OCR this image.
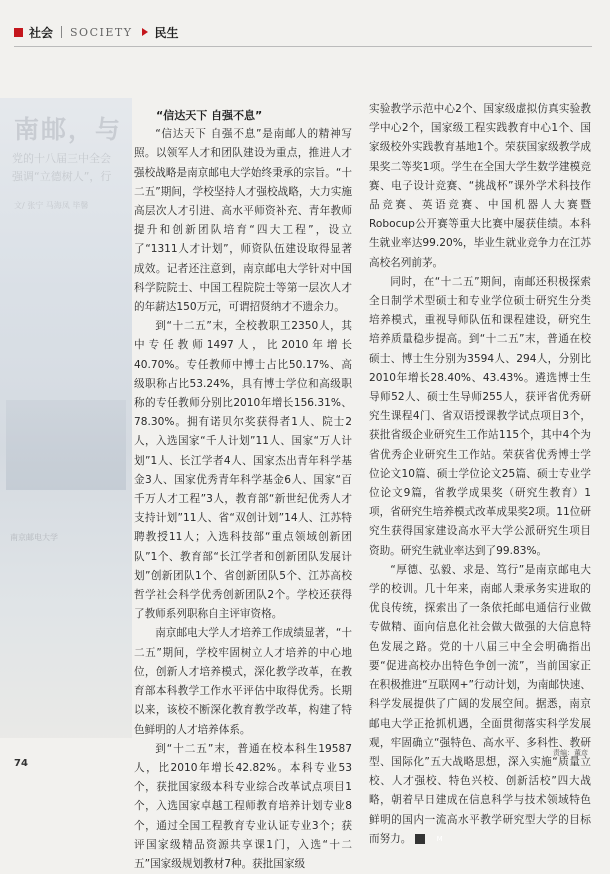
社会 SOCIETY 民生
南邮，与
党的十八届三中全会
强调“立德树人”，行
文/ 张宁 马海凤 毕馨
南京邮电大学
“信达天下 自强不息”

“信达天下 自强不息”是南邮人的精神写照。以领军人才和团队建设为重点，推进人才强校战略是南京邮电大学始终秉承的宗旨。“十二五”期间，学校坚持人才强校战略，大力实施高层次人才引进、高水平师资补充、青年教师提升和创新团队培育“四大工程”，设立了“1311人才计划”，师资队伍建设取得显著成效。记者还注意到，南京邮电大学针对中国科学院院士、中国工程院院士等第一层次人才的年薪达150万元，可谓招贤纳才不遗余力。

到“十二五”末，全校教职工2350人，其中专任教师1497人，比2010年增长40.70%。专任教师中博士占比50.17%、高级职称占比53.24%，具有博士学位和高级职称的专任教师分别比2010年增长156.31%、78.30%。拥有诺贝尔奖获得者1人、院士2人，入选国家“千人计划”11人、国家“万人计划”1人、长江学者4人、国家杰出青年科学基金3人、国家优秀青年科学基金6人、国家“百千万人才工程”3人，教育部“新世纪优秀人才支持计划”11人、省“双创计划”14人、江苏特聘教授11人；入选科技部“重点领域创新团队”1个、教育部“长江学者和创新团队发展计划”创新团队1个、省创新团队5个、江苏高校哲学社会科学优秀创新团队2个。学校还获得了教师系列职称自主评审资格。

南京邮电大学人才培养工作成绩显著，“十二五”期间，学校牢固树立人才培养的中心地位，创新人才培养模式，深化教学改革，在教育部本科教学工作水平评估中取得优秀。长期以来，该校不断深化教育教学改革，构建了特色鲜明的人才培养体系。

到“十二五”末，普通在校本科生19587人，比2010年增长42.82%。本科专业53个，获批国家级本科专业综合改革试点项目1个，入选国家卓越工程师教育培养计划专业8个，通过全国工程教育专业认证专业3个；获评国家级精品资源共享课1门，入选“十二五”国家级规划教材7种。获批国家级

实验教学示范中心2个、国家级虚拟仿真实验教学中心2个，国家级工程实践教育中心1个、国家级校外实践教育基地1个。荣获国家级教学成果奖二等奖1项。学生在全国大学生数学建模竞赛、电子设计竞赛、“挑战杯”课外学术科技作品竞赛、英语竞赛、中国机器人大赛暨Robocup公开赛等重大比赛中屡获佳绩。本科生就业率达99.20%，毕业生就业竞争力在江苏高校名列前茅。

同时，在“十二五”期间，南邮还积极探索全日制学术型硕士和专业学位硕士研究生分类培养模式，重视导师队伍和课程建设，研究生培养质量稳步提高。到“十二五”末，普通在校硕士、博士生分别为3594人、294人，分别比2010年增长28.40%、43.43%。遴选博士生导师52人、硕士生导师255人，获评省优秀研究生课程4门、省双语授课教学试点项目3个，获批省级企业研究生工作站115个，其中4个为省优秀企业研究生工作站。荣获省优秀博士学位论文10篇、硕士学位论文25篇、硕士专业学位论文9篇，省教学成果奖（研究生教育）1项，省研究生培养模式改革成果奖2项。11位研究生获得国家建设高水平大学公派研究生项目资助。研究生就业率达到了99.83%。

“厚德、弘毅、求是、笃行”是南京邮电大学的校训。几十年来，南邮人秉承务实进取的优良传统，探索出了一条依托邮电通信行业做专做精、面向信息化社会做大做强的大信息特色发展之路。党的十八届三中全会明确指出要“促进高校办出特色争创一流”，当前国家正在积极推进“互联网+”行动计划，为南邮快速、科学发展提供了广阔的发展空间。据悉，南京邮电大学正抢抓机遇，全面贯彻落实科学发展观，牢固确立“强特色、高水平、多科性、教研型、国际化”五大战略思想，深入实施“质量立校、人才强校、特色兴校、创新活校”四大战略，朝着早日建成在信息科学与技术领域特色鲜明的国内一流高水平教学研究型大学的目标而努力。	M

74
责编：董彦
